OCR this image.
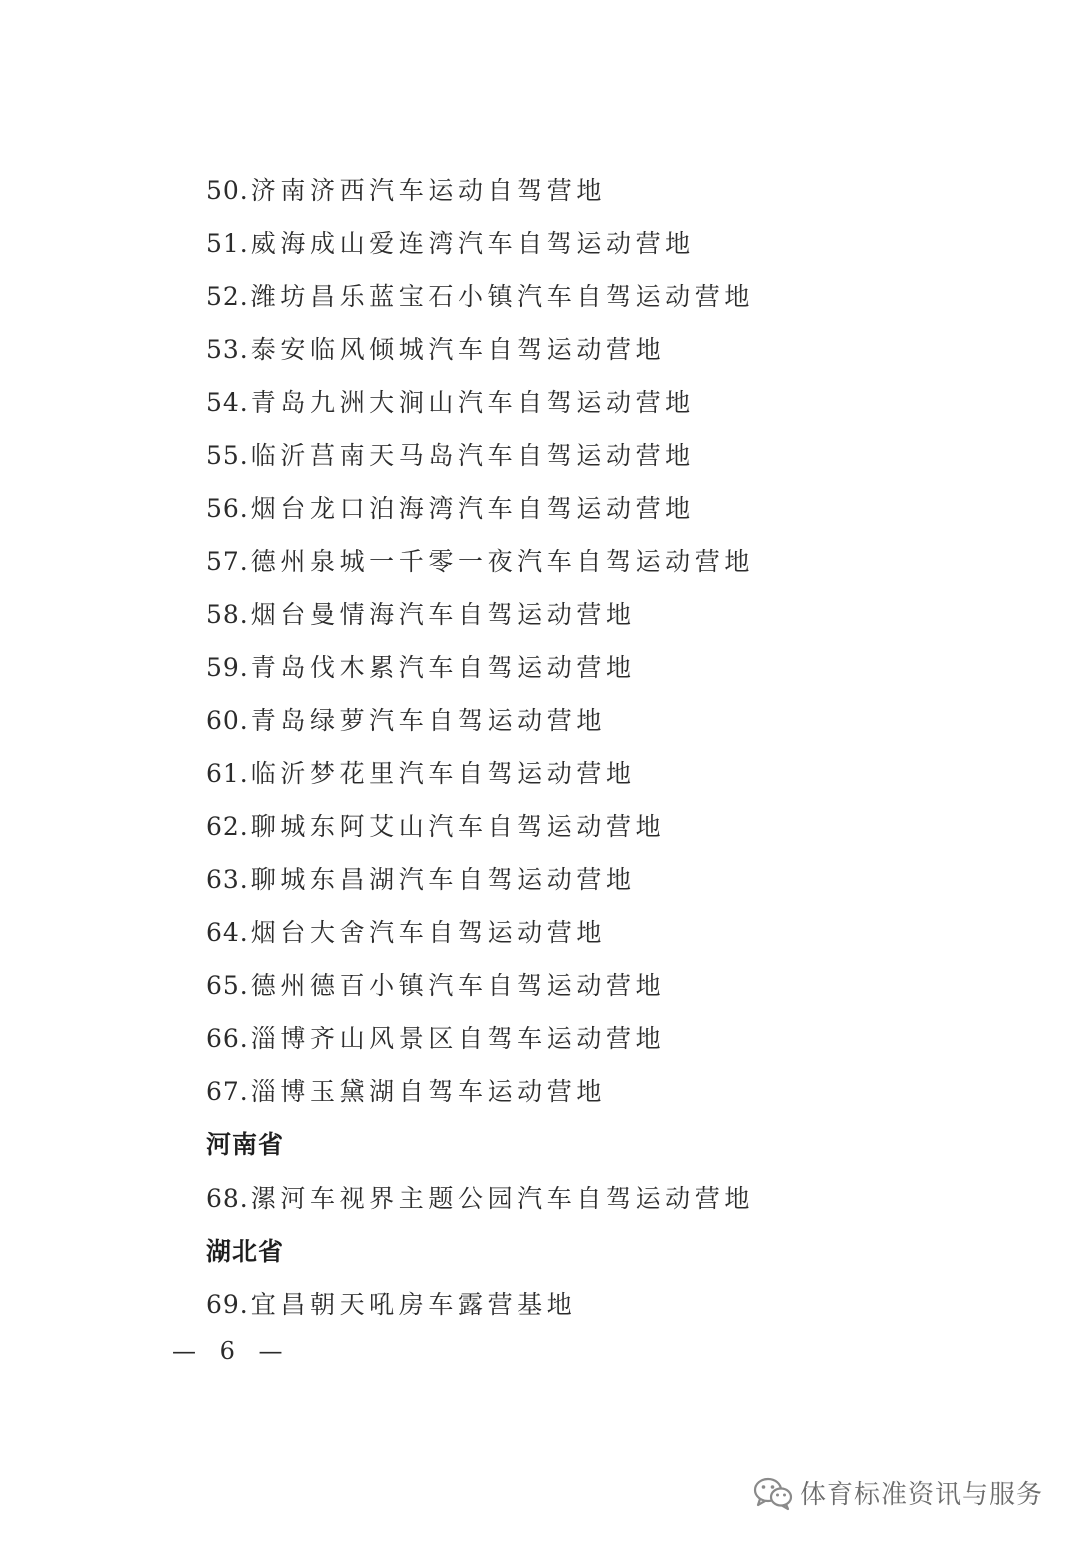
50.济南济西汽车运动自驾营地
51.威海成山爱连湾汽车自驾运动营地
52.潍坊昌乐蓝宝石小镇汽车自驾运动营地
53.泰安临风倾城汽车自驾运动营地
54.青岛九洲大涧山汽车自驾运动营地
55.临沂莒南天马岛汽车自驾运动营地
56.烟台龙口泊海湾汽车自驾运动营地
57.德州泉城一千零一夜汽车自驾运动营地
58.烟台曼情海汽车自驾运动营地
59.青岛伐木累汽车自驾运动营地
60.青岛绿萝汽车自驾运动营地
61.临沂梦花里汽车自驾运动营地
62.聊城东阿艾山汽车自驾运动营地
63.聊城东昌湖汽车自驾运动营地
64.烟台大舍汽车自驾运动营地
65.德州德百小镇汽车自驾运动营地
66.淄博齐山风景区自驾车运动营地
67.淄博玉黛湖自驾车运动营地
河南省
68.漯河车视界主题公园汽车自驾运动营地
湖北省
69.宜昌朝天吼房车露营基地
— 6 —
体育标准资讯与服务
